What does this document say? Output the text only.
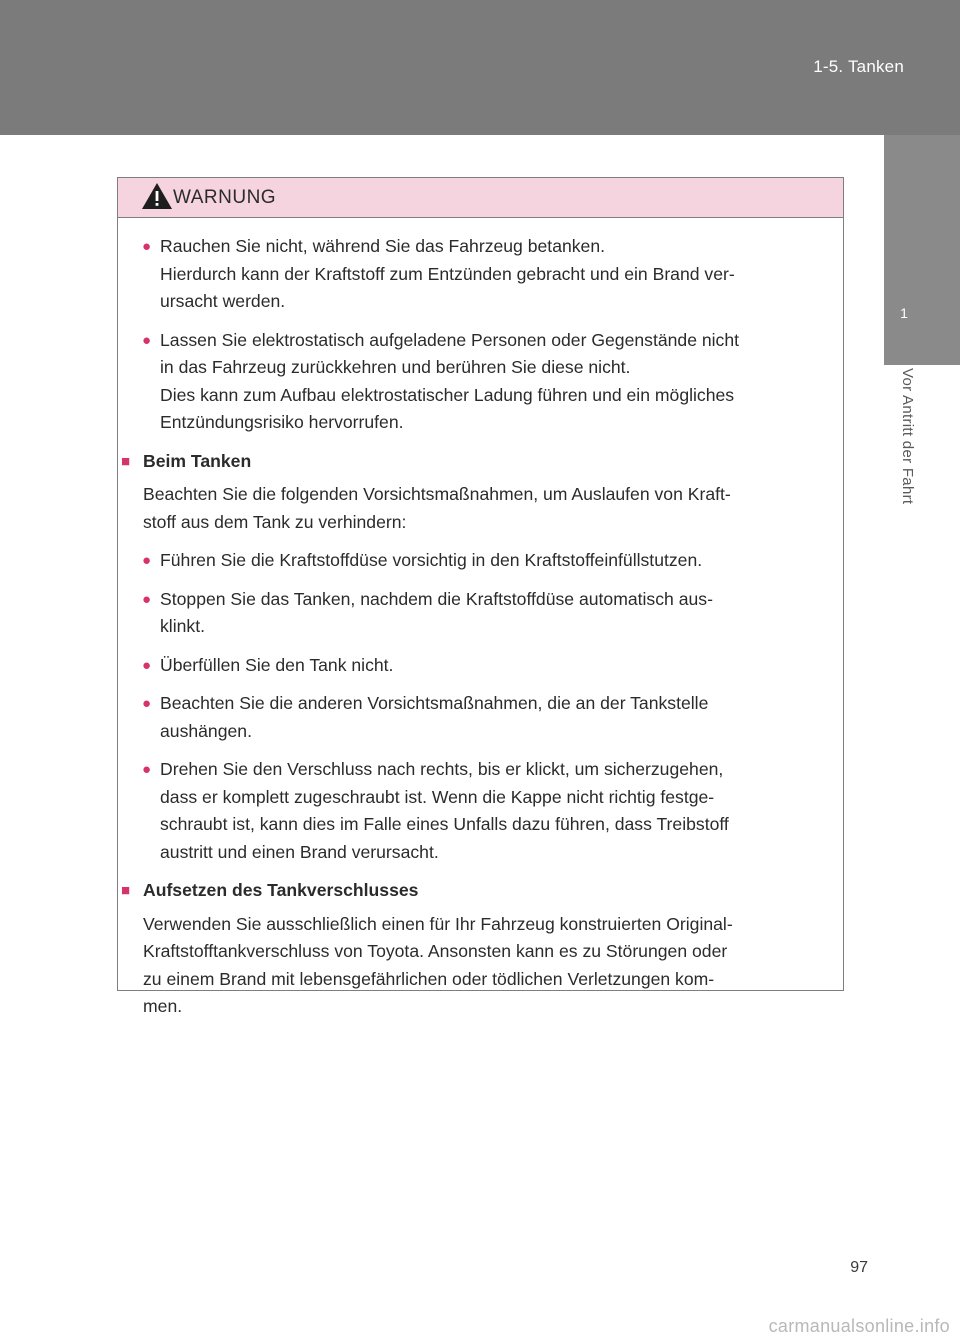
1-5. Tanken
1
Vor Antritt der Fahrt
WARNUNG
● Rauchen Sie nicht, während Sie das Fahrzeug betanken.
Hierdurch kann der Kraftstoff zum Entzünden gebracht und ein Brand ver-
ursacht werden.
● Lassen Sie elektrostatisch aufgeladene Personen oder Gegenstände nicht
in das Fahrzeug zurückkehren und berühren Sie diese nicht.
Dies kann zum Aufbau elektrostatischer Ladung führen und ein mögliches
Entzündungsrisiko hervorrufen.
■ Beim Tanken
Beachten Sie die folgenden Vorsichtsmaßnahmen, um Auslaufen von Kraft-
stoff aus dem Tank zu verhindern:
● Führen Sie die Kraftstoffdüse vorsichtig in den Kraftstoffeinfüllstutzen.
● Stoppen Sie das Tanken, nachdem die Kraftstoffdüse automatisch aus-
klinkt.
● Überfüllen Sie den Tank nicht.
● Beachten Sie die anderen Vorsichtsmaßnahmen, die an der Tankstelle
aushängen.
● Drehen Sie den Verschluss nach rechts, bis er klickt, um sicherzugehen,
dass er komplett zugeschraubt ist. Wenn die Kappe nicht richtig festge-
schraubt ist, kann dies im Falle eines Unfalls dazu führen, dass Treibstoff
austritt und einen Brand verursacht.
■ Aufsetzen des Tankverschlusses
Verwenden Sie ausschließlich einen für Ihr Fahrzeug konstruierten Original-
Kraftstofftankverschluss von Toyota. Ansonsten kann es zu Störungen oder
zu einem Brand mit lebensgefährlichen oder tödlichen Verletzungen kom-
men.
97
carmanualsonline.info
